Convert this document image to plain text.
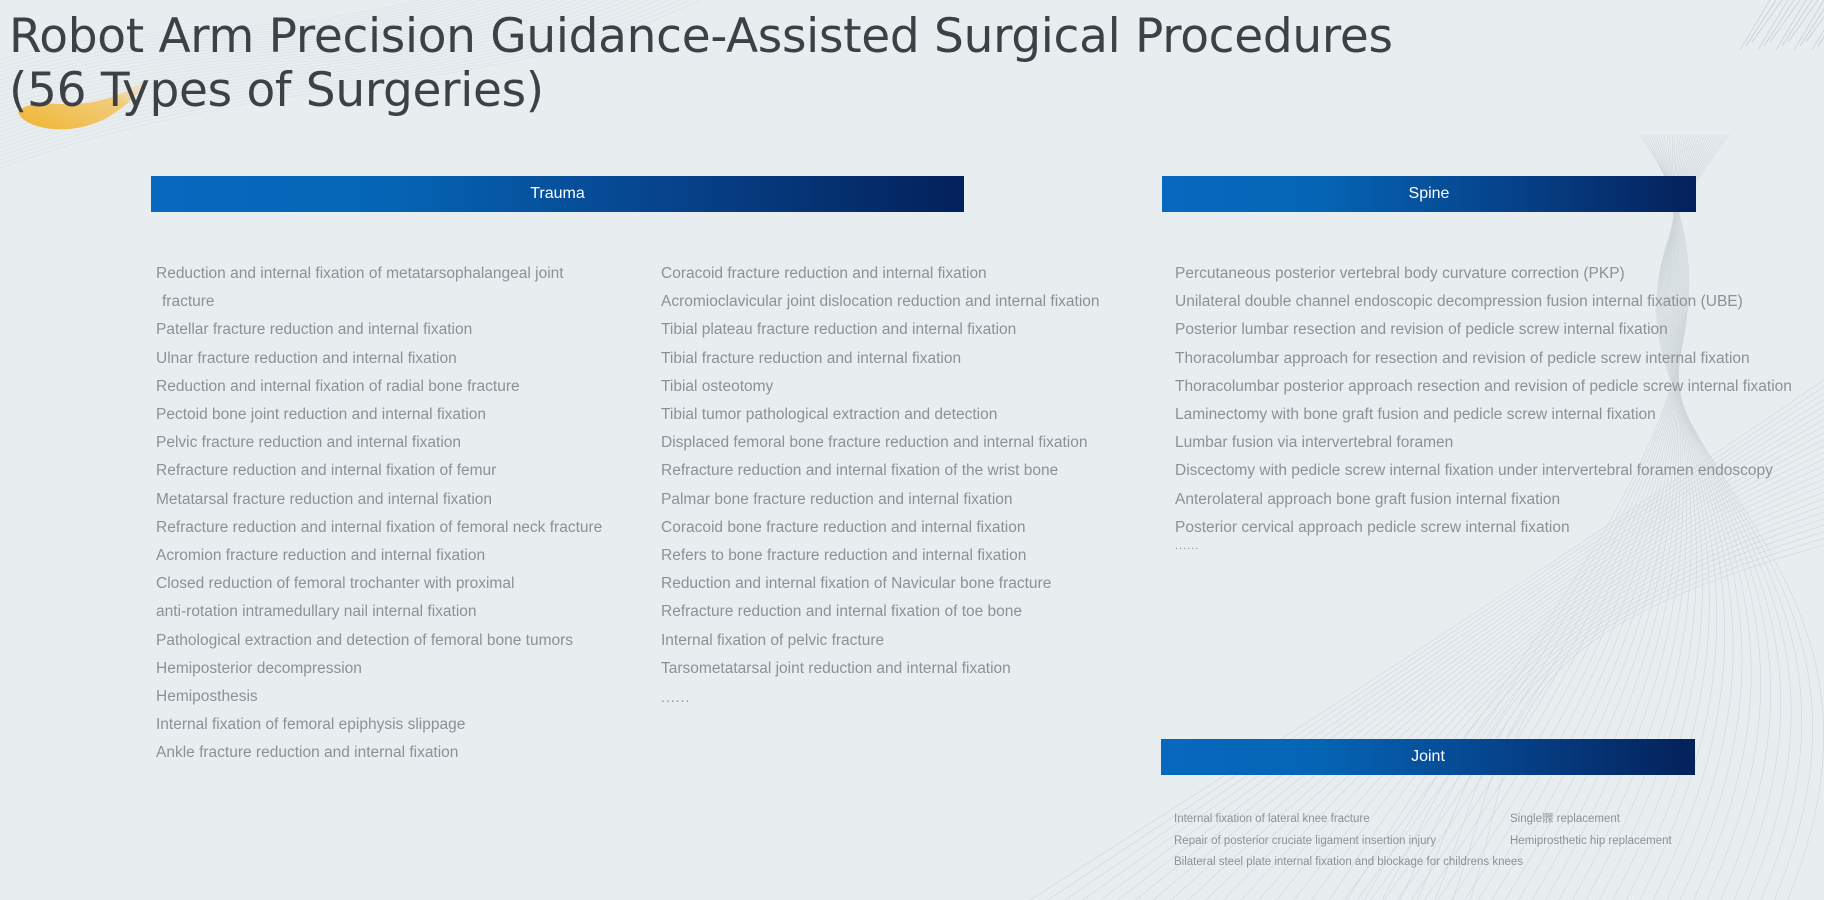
Robot Arm Precision Guidance-Assisted Surgical Procedures (56 Types of Surgeries)
Trauma
Reduction and internal fixation of metatarsophalangeal joint
fracture
Patellar fracture reduction and internal fixation
Ulnar fracture reduction and internal fixation
Reduction and internal fixation of radial bone fracture
Pectoid bone joint reduction and internal fixation
Pelvic fracture reduction and internal fixation
Refracture reduction and internal fixation of femur
Metatarsal fracture reduction and internal fixation
Refracture reduction and internal fixation of femoral neck fracture
Acromion fracture reduction and internal fixation
Closed reduction of femoral trochanter with proximal
anti-rotation intramedullary nail internal fixation
Pathological extraction and detection of femoral bone tumors
Hemiposterior decompression
Hemiposthesis
Internal fixation of femoral epiphysis slippage
Ankle fracture reduction and internal fixation
Coracoid fracture reduction and internal fixation
Acromioclavicular joint dislocation reduction and internal fixation
Tibial plateau fracture reduction and internal fixation
Tibial fracture reduction and internal fixation
Tibial osteotomy
Tibial tumor pathological extraction and detection
Displaced femoral bone fracture reduction and internal fixation
Refracture reduction and internal fixation of the wrist bone
Palmar bone fracture reduction and internal fixation
Coracoid bone fracture reduction and internal fixation
Refers to bone fracture reduction and internal fixation
Reduction and internal fixation of Navicular bone fracture
Refracture reduction and internal fixation of toe bone
Internal fixation of pelvic fracture
Tarsometatarsal joint reduction and internal fixation
......
Spine
Percutaneous posterior vertebral body curvature correction (PKP)
Unilateral double channel endoscopic decompression fusion internal fixation (UBE)
Posterior lumbar resection and revision of pedicle screw internal fixation
Thoracolumbar approach for resection and revision of pedicle screw internal fixation
Thoracolumbar posterior approach resection and revision of pedicle screw internal fixation
Laminectomy with bone graft fusion and pedicle screw internal fixation
Lumbar fusion via intervertebral foramen
Discectomy with pedicle screw internal fixation under intervertebral foramen endoscopy
Anterolateral approach bone graft fusion internal fixation
Posterior cervical approach pedicle screw internal fixation
......
Joint
Internal fixation of lateral knee fracture
Repair of posterior cruciate ligament insertion injury
Bilateral steel plate internal fixation and blockage for childrens knees
Single髁 replacement
Hemiprosthetic hip replacement
